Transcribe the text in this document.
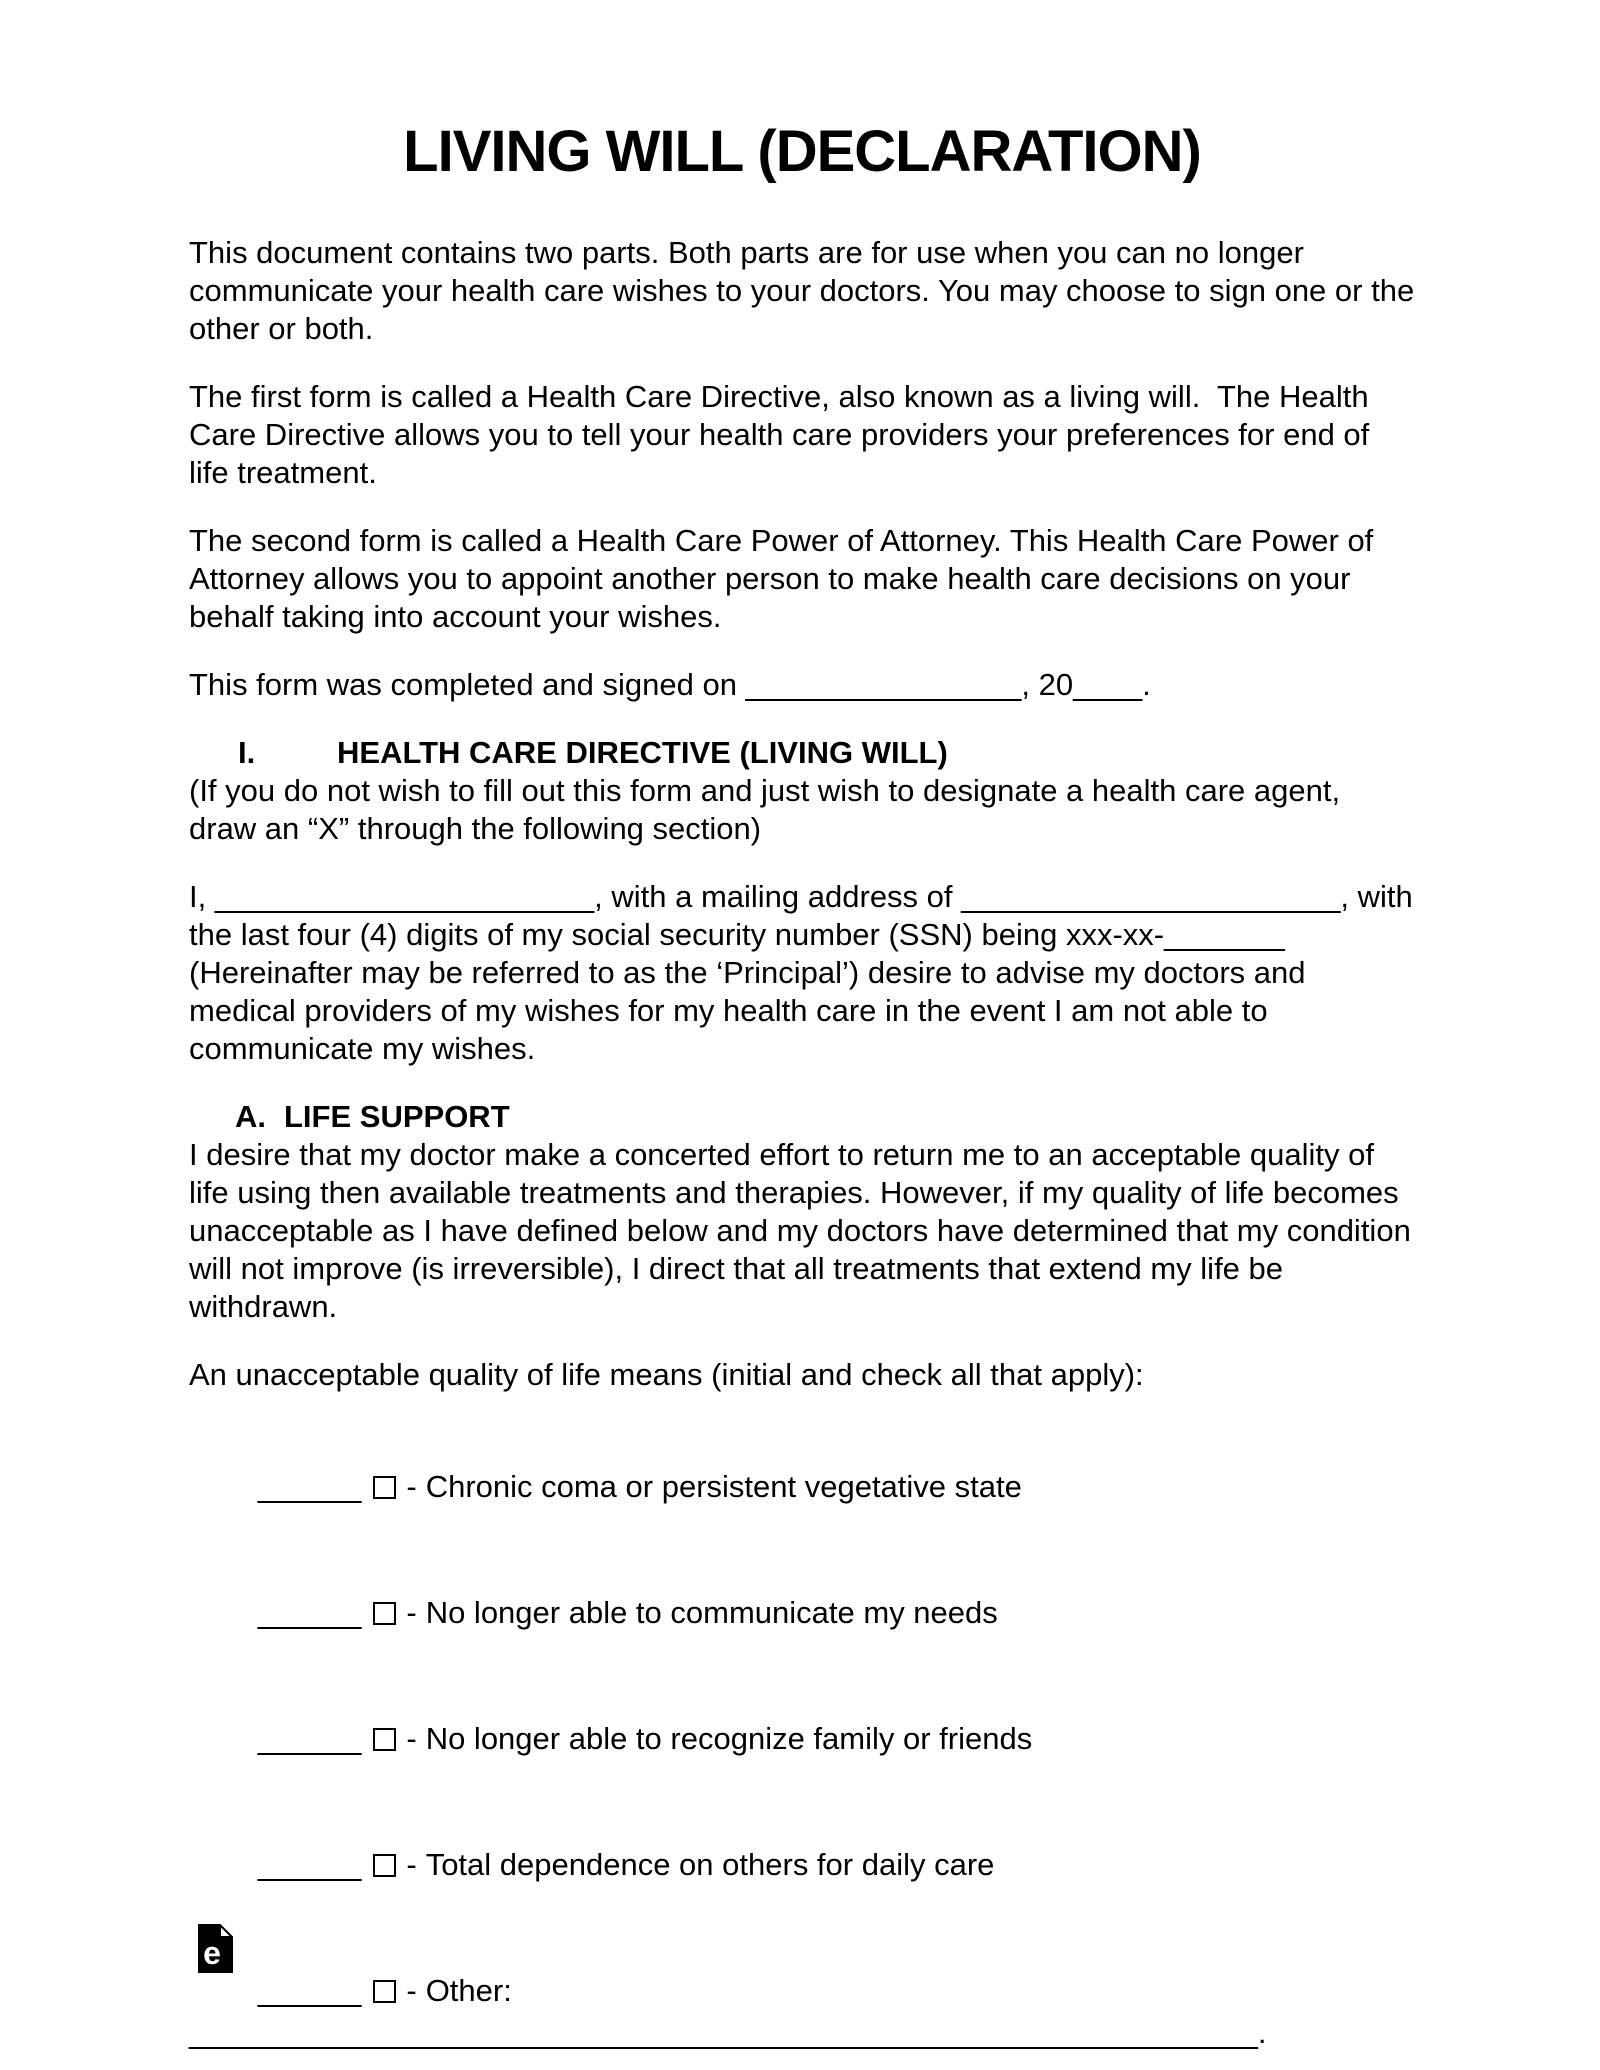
LIVING WILL (DECLARATION)

This document contains two parts. Both parts are for use when you can no longer communicate your health care wishes to your doctors. You may choose to sign one or the other or both.

The first form is called a Health Care Directive, also known as a living will.  The Health Care Directive allows you to tell your health care providers your preferences for end of life treatment.

The second form is called a Health Care Power of Attorney. This Health Care Power of Attorney allows you to appoint another person to make health care decisions on your behalf taking into account your wishes.

This form was completed and signed on ________________, 20____.

I.	HEALTH CARE DIRECTIVE (LIVING WILL)

(If you do not wish to fill out this form and just wish to designate a health care agent, draw an “X” through the following section)

I, ______________________, with a mailing address of ______________________, with the last four (4) digits of my social security number (SSN) being xxx-xx-_______ (Hereinafter may be referred to as the ‘Principal’) desire to advise my doctors and medical providers of my wishes for my health care in the event I am not able to communicate my wishes.

A. LIFE SUPPORT

I desire that my doctor make a concerted effort to return me to an acceptable quality of life using then available treatments and therapies. However, if my quality of life becomes unacceptable as I have defined below and my doctors have determined that my condition will not improve (is irreversible), I direct that all treatments that extend my life be withdrawn.

An unacceptable quality of life means (initial and check all that apply):

______ - Chronic coma or persistent vegetative state

______ - No longer able to communicate my needs

______ - No longer able to recognize family or friends

______ - Total dependence on others for daily care

______ - Other: ______________________________________________________________.

e
